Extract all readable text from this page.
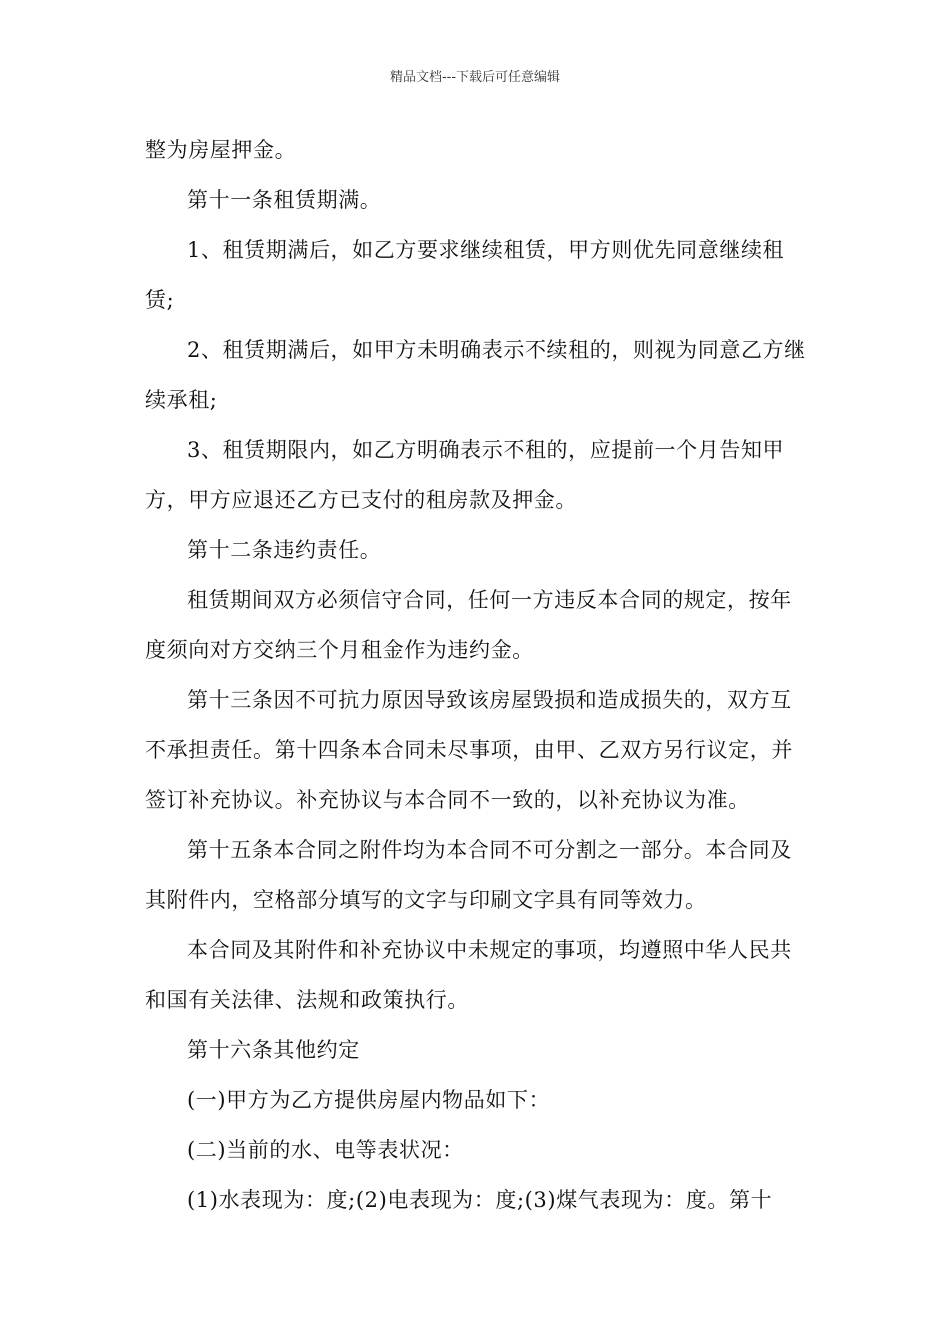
精品文档---下载后可任意编辑

整为房屋押金。

第十一条租赁期满。

1、租赁期满后，如乙方要求继续租赁，甲方则优先同意继续租赁;

2、租赁期满后，如甲方未明确表示不续租的，则视为同意乙方继续承租;

3、租赁期限内，如乙方明确表示不租的，应提前一个月告知甲方，甲方应退还乙方已支付的租房款及押金。

第十二条违约责任。

租赁期间双方必须信守合同，任何一方违反本合同的规定，按年度须向对方交纳三个月租金作为违约金。

第十三条因不可抗力原因导致该房屋毁损和造成损失的，双方互不承担责任。第十四条本合同未尽事项，由甲、乙双方另行议定，并签订补充协议。补充协议与本合同不一致的，以补充协议为准。

第十五条本合同之附件均为本合同不可分割之一部分。本合同及其附件内，空格部分填写的文字与印刷文字具有同等效力。

本合同及其附件和补充协议中未规定的事项，均遵照中华人民共和国有关法律、法规和政策执行。

第十六条其他约定

(一)甲方为乙方提供房屋内物品如下：

(二)当前的水、电等表状况：

(1)水表现为：度;(2)电表现为：度;(3)煤气表现为：度。第十
